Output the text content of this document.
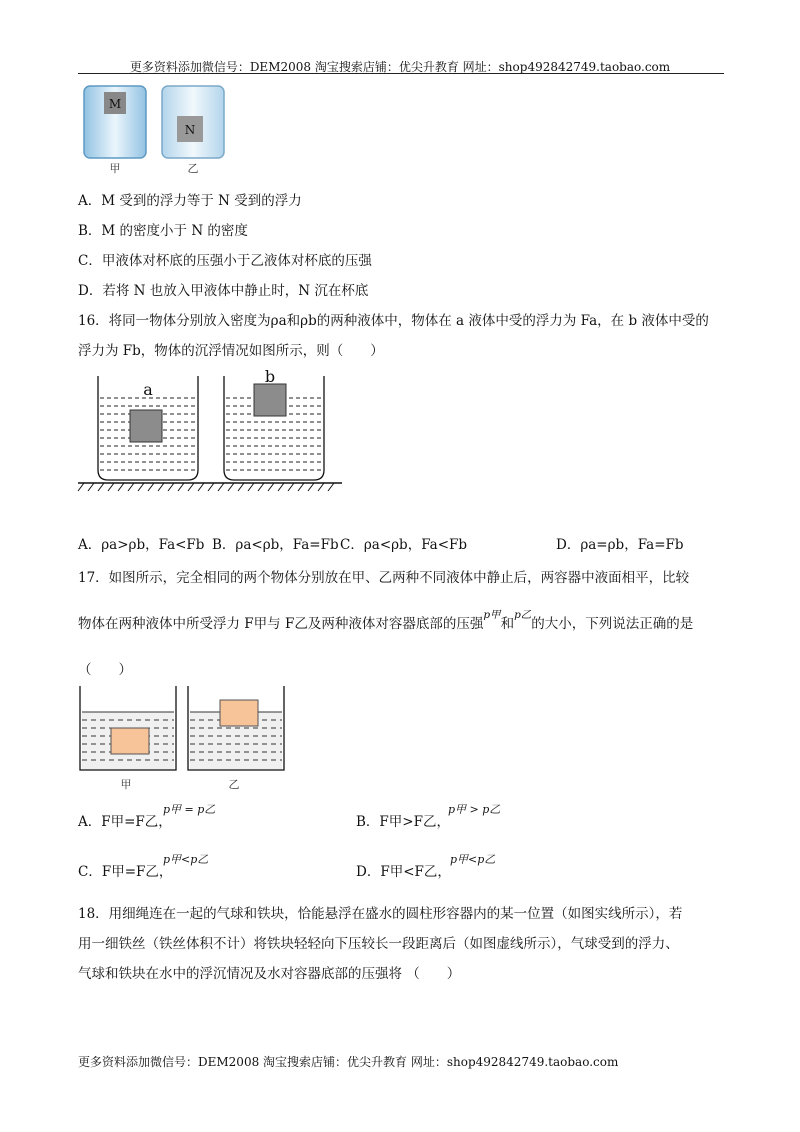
更多资料添加微信号：DEM2008 淘宝搜索店铺：优尖升教育 网址：shop492842749.taobao.com
M
N
甲	乙
A．M 受到的浮力等于 N 受到的浮力
B．M 的密度小于 N 的密度
C．甲液体对杯底的压强小于乙液体对杯底的压强
D．若将 N 也放入甲液体中静止时，N 沉在杯底
16．将同一物体分别放入密度为ρa和ρb的两种液体中，物体在 a 液体中受的浮力为 Fa，在 b 液体中受的
浮力为 Fb，物体的沉浮情况如图所示，则（　　）
a
b
A．ρa>ρb，Fa<Fb B．ρa<ρb，Fa=Fb C．ρa<ρb，Fa<Fb	D．ρa=ρb，Fa=Fb
17．如图所示，完全相同的两个物体分别放在甲、乙两种不同液体中静止后，两容器中液面相平，比较
物体在两种液体中所受浮力 F甲与 F乙及两种液体对容器底部的压强$^{p甲}$和$^{p乙}$的大小，下列说法正确的是
（　　）
甲	乙
A．F甲=F乙，
p甲 = p乙
B．F甲>F乙，
p甲 > p乙
C．F甲=F乙，
p甲<p乙
D．F甲<F乙，
p甲<p乙
18．用细绳连在一起的气球和铁块，恰能悬浮在盛水的圆柱形容器内的某一位置（如图实线所示），若
用一细铁丝（铁丝体积不计）将铁块轻轻向下压较长一段距离后（如图虚线所示），气球受到的浮力、
气球和铁块在水中的浮沉情况及水对容器底部的压强将 （　　）
更多资料添加微信号：DEM2008 淘宝搜索店铺：优尖升教育 网址：shop492842749.taobao.com
